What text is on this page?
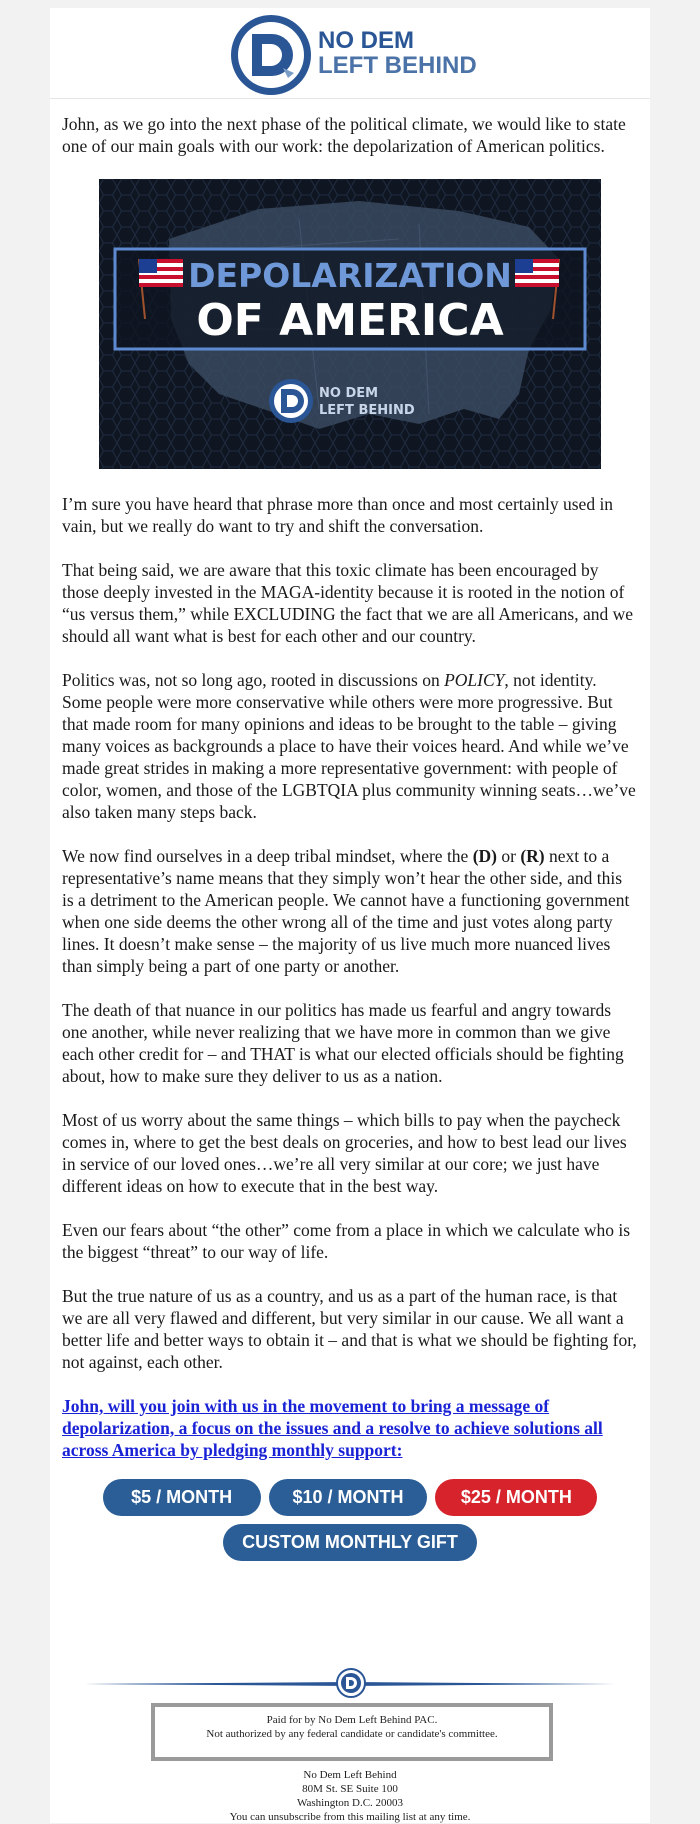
NO DEM
LEFT BEHIND

John, as we go into the next phase of the political climate, we would like to state one of our main goals with our work: the depolarization of American politics.

DEPOLARIZATION
OF AMERICA
NO DEM
LEFT BEHIND

I’m sure you have heard that phrase more than once and most certainly used in vain, but we really do want to try and shift the conversation.

That being said, we are aware that this toxic climate has been encouraged by those deeply invested in the MAGA-identity because it is rooted in the notion of “us versus them,” while EXCLUDING the fact that we are all Americans, and we should all want what is best for each other and our country.

Politics was, not so long ago, rooted in discussions on POLICY, not identity. Some people were more conservative while others were more progressive. But that made room for many opinions and ideas to be brought to the table – giving many voices as backgrounds a place to have their voices heard. And while we’ve made great strides in making a more representative government: with people of color, women, and those of the LGBTQIA plus community winning seats…we’ve also taken many steps back.

We now find ourselves in a deep tribal mindset, where the (D) or (R) next to a representative’s name means that they simply won’t hear the other side, and this is a detriment to the American people. We cannot have a functioning government when one side deems the other wrong all of the time and just votes along party lines. It doesn’t make sense – the majority of us live much more nuanced lives than simply being a part of one party or another.

The death of that nuance in our politics has made us fearful and angry towards one another, while never realizing that we have more in common than we give each other credit for – and THAT is what our elected officials should be fighting about, how to make sure they deliver to us as a nation.

Most of us worry about the same things – which bills to pay when the paycheck comes in, where to get the best deals on groceries, and how to best lead our lives in service of our loved ones…we’re all very similar at our core; we just have different ideas on how to execute that in the best way.

Even our fears about “the other” come from a place in which we calculate who is the biggest “threat” to our way of life.

But the true nature of us as a country, and us as a part of the human race, is that we are all very flawed and different, but very similar in our cause. We all want a better life and better ways to obtain it – and that is what we should be fighting for, not against, each other.

John, will you join with us in the movement to bring a message of depolarization, a focus on the issues and a resolve to achieve solutions all across America by pledging monthly support:

$5 / MONTH	$10 / MONTH	$25 / MONTH
CUSTOM MONTHLY GIFT
Paid for by No Dem Left Behind PAC.
Not authorized by any federal candidate or candidate's committee.
No Dem Left Behind
80M St. SE Suite 100
Washington D.C. 20003
You can unsubscribe from this mailing list at any time.
